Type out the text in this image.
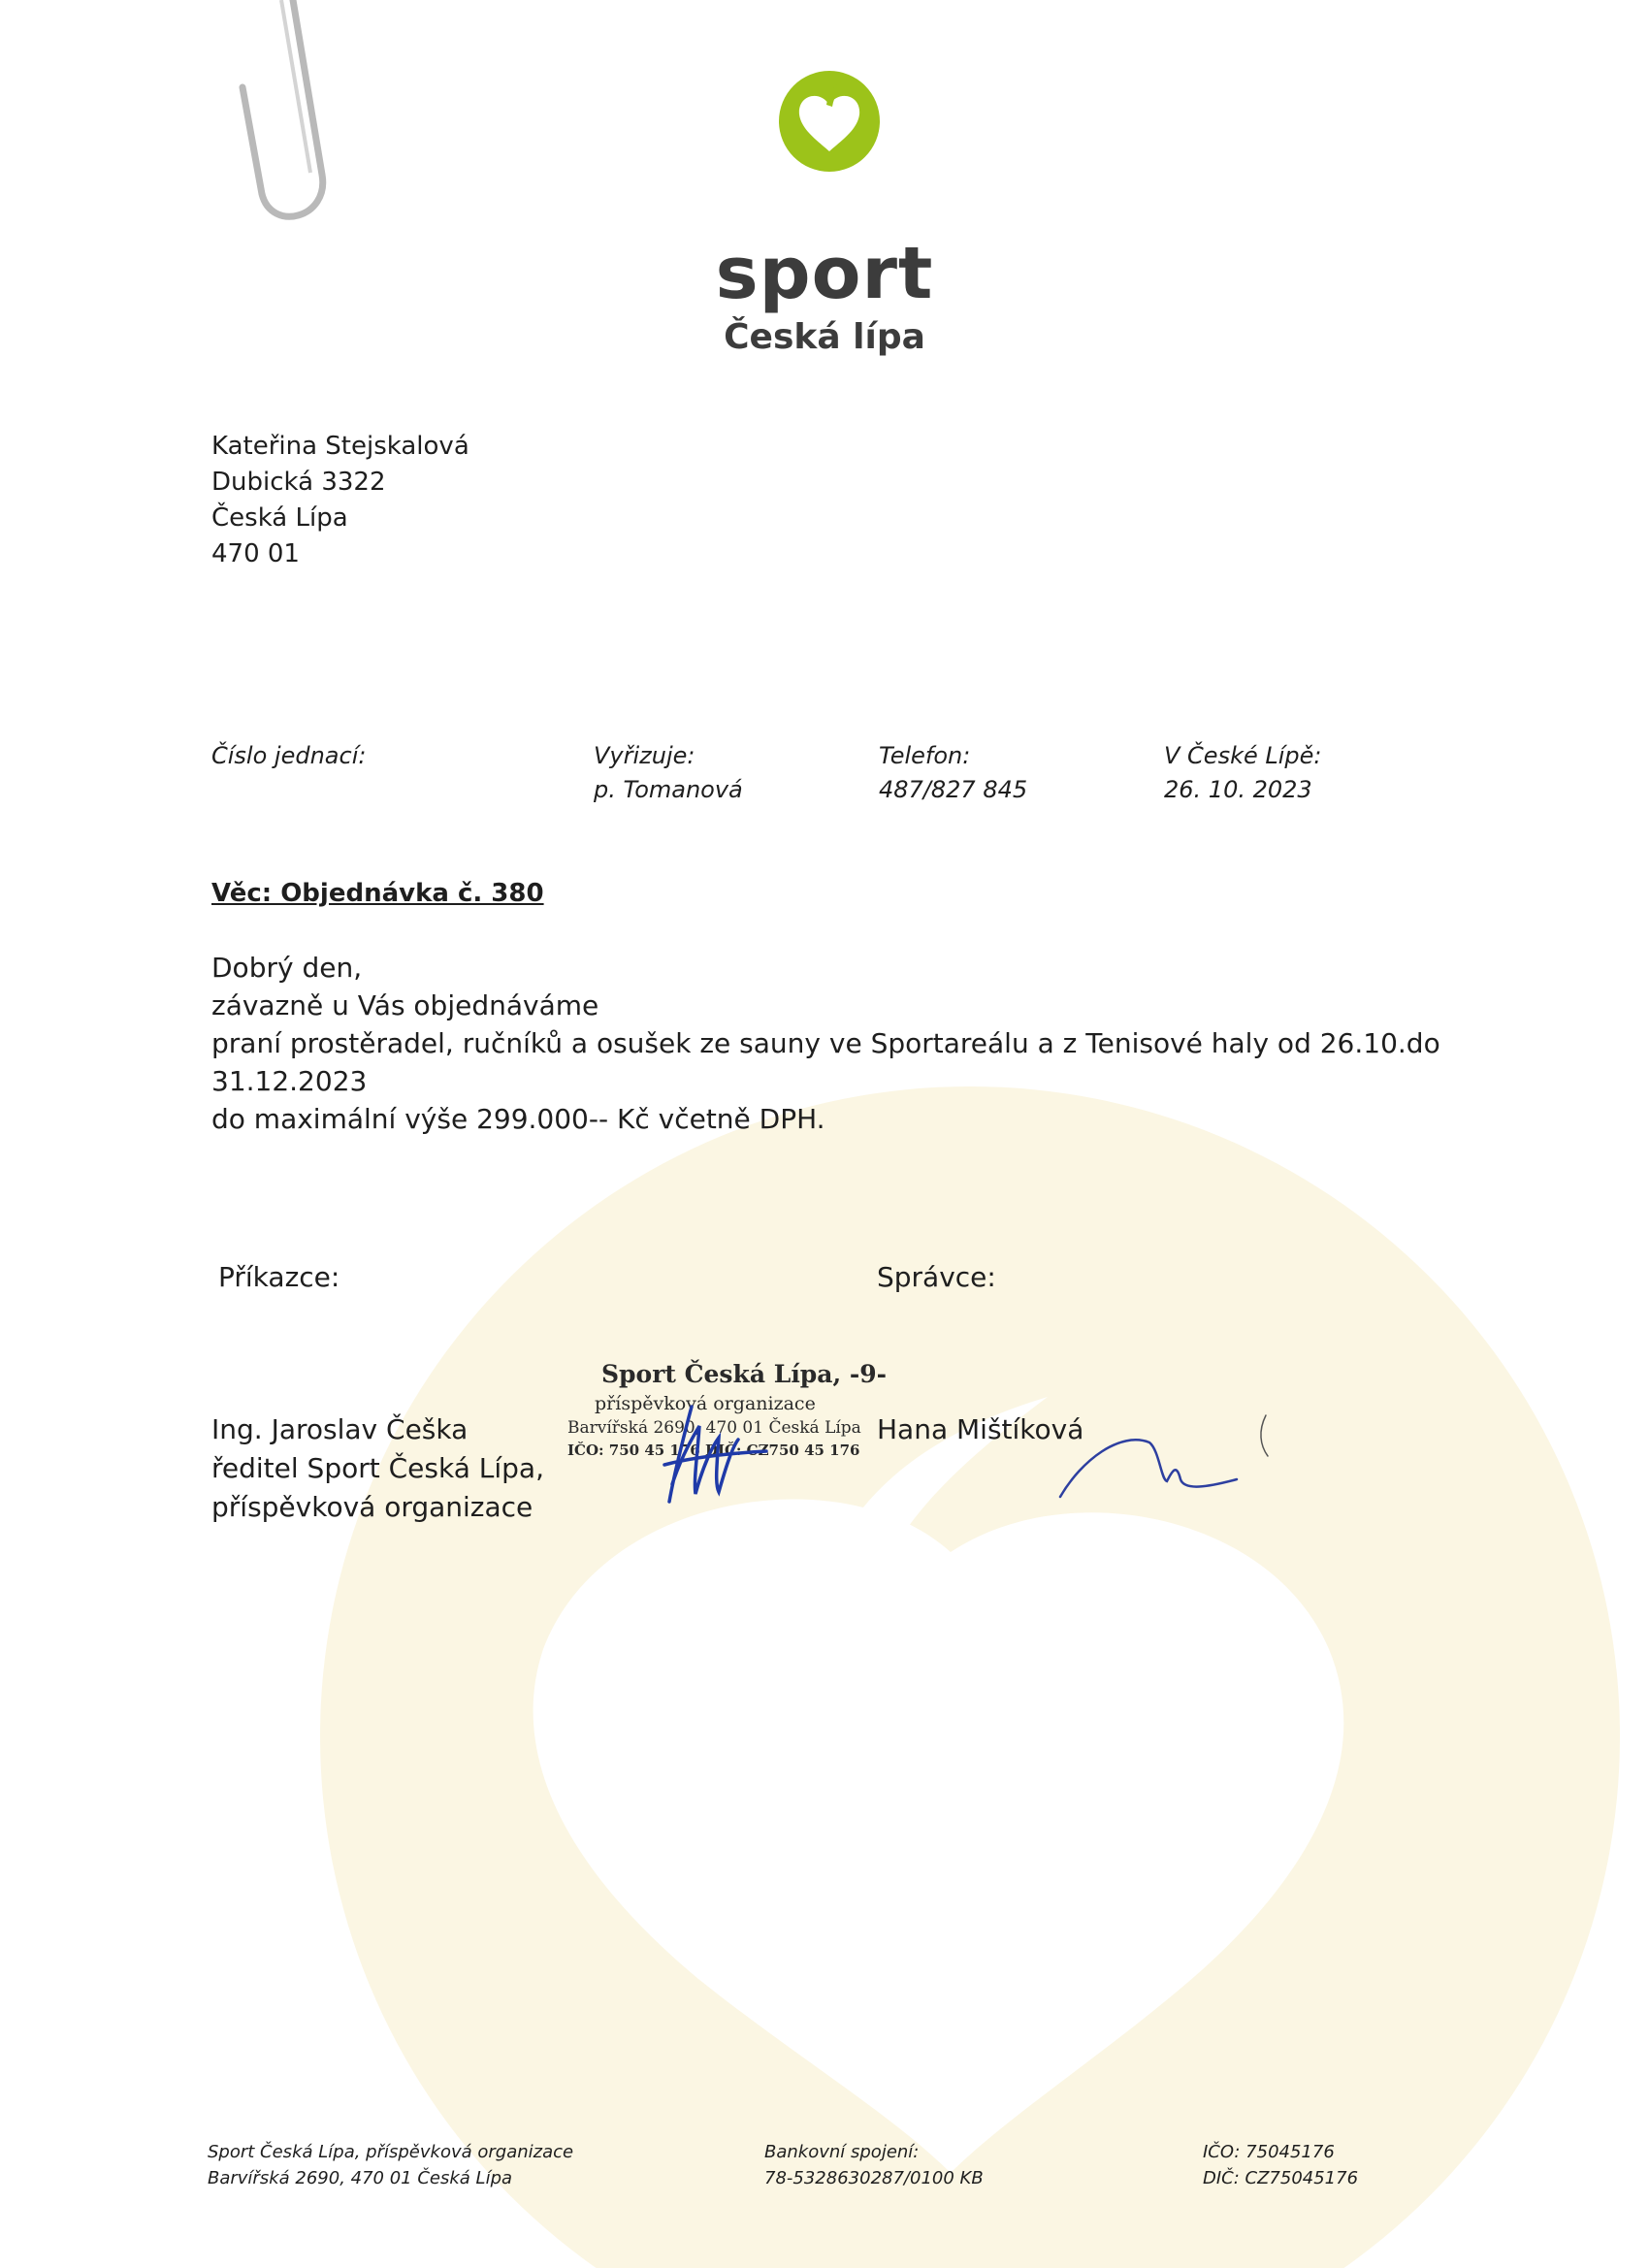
sport
Česká lípa
Kateřina Stejskalová
Dubická 3322
Česká Lípa
470 01
Číslo jednací:	Vyřizuje:
p. Tomanová
Telefon:
487/827 845
V České Lípě:
26. 10. 2023
Věc: Objednávka č. 380
Dobrý den,
závazně u Vás objednáváme
praní prostěradel, ručníků a osušek ze sauny ve Sportareálu a z Tenisové haly od 26.10.do
31.12.2023
do maximální výše 299.000-- Kč včetně DPH.
Příkazce:	Správce:
Ing. Jaroslav Češka
ředitel Sport Česká Lípa,
příspěvková organizace
Sport Česká Lípa, -9-
příspěvková organizace
Barvířská 2690, 470 01 Česká Lípa
IČO: 750 45 176 DIČ: CZ750 45 176
Hana Mištíková
Sport Česká Lípa, příspěvková organizace
Barvířská 2690, 470 01 Česká Lípa
Bankovní spojení:
78-5328630287/0100 KB
IČO: 75045176
DIČ: CZ75045176
